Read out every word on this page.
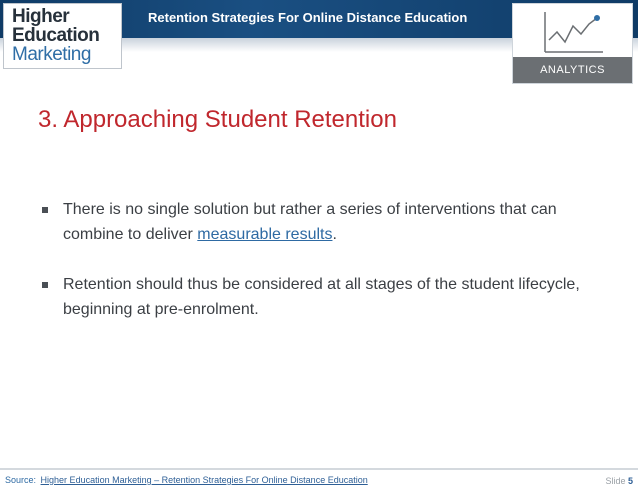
Retention Strategies For Online Distance Education
Higher
Education
Marketing
ANALYTICS
3. Approaching Student Retention
There is no single solution but rather a series of interventions that can combine to deliver measurable results.
Retention should thus be considered at all stages of the student lifecycle, beginning at pre-enrolment.
Source: Higher Education Marketing – Retention Strategies For Online Distance Education	Slide 5
